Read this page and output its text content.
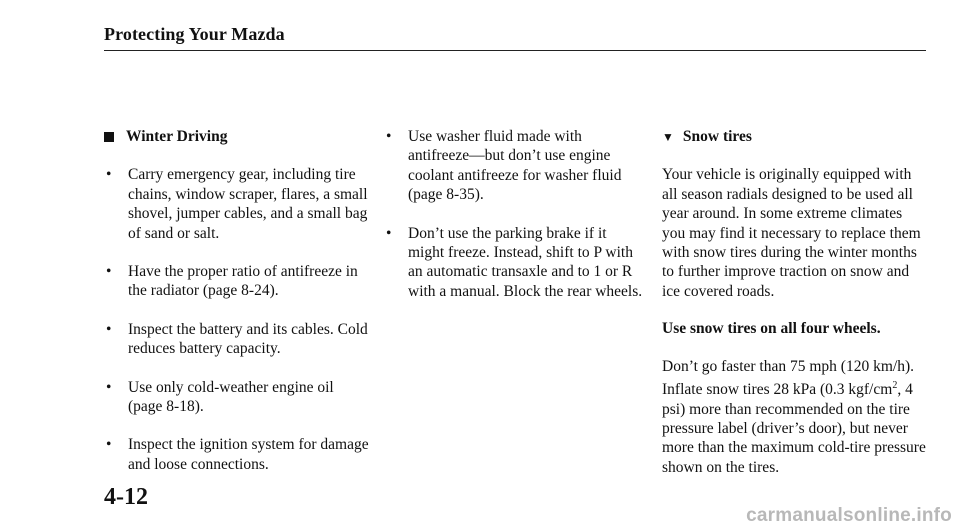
Protecting Your Mazda
Winter Driving
• Carry emergency gear, including tire chains, window scraper, flares, a small shovel, jumper cables, and a small bag of sand or salt.
• Have the proper ratio of antifreeze in the radiator (page 8-24).
• Inspect the battery and its cables. Cold reduces battery capacity.
• Use only cold-weather engine oil (page 8-18).
• Inspect the ignition system for damage and loose connections.
• Use washer fluid made with antifreeze—but don’t use engine coolant antifreeze for washer fluid (page 8-35).
• Don’t use the parking brake if it might freeze. Instead, shift to P with an automatic transaxle and to 1 or R with a manual. Block the rear wheels.
▼ Snow tires

Your vehicle is originally equipped with all season radials designed to be used all year around. In some extreme climates you may find it necessary to replace them with snow tires during the winter months to further improve traction on snow and ice covered roads.

Use snow tires on all four wheels.

Don’t go faster than 75 mph (120 km/h). Inflate snow tires 28 kPa (0.3 kgf/$cm^2$, 4 psi) more than recommended on the tire pressure label (driver’s door), but never more than the maximum cold-tire pressure shown on the tires.

4-12
carmanualsonline.info
